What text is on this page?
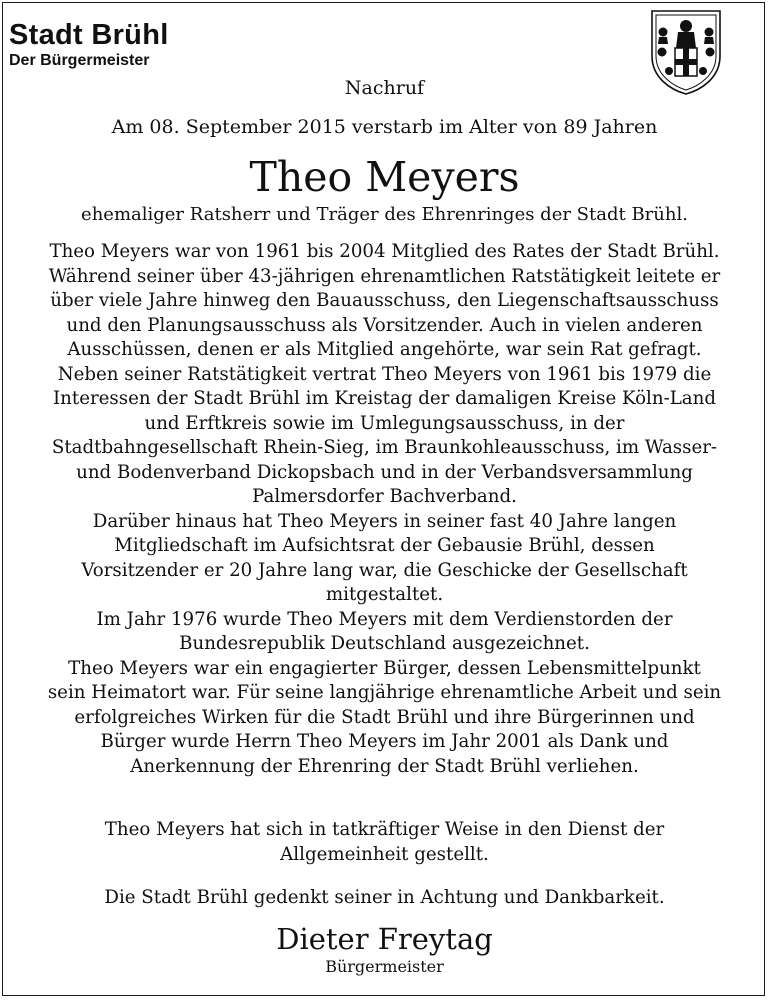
Stadt Brühl
Der Bürgermeister
Nachruf
Am 08. September 2015 verstarb im Alter von 89 Jahren
Theo Meyers
ehemaliger Ratsherr und Träger des Ehrenringes der Stadt Brühl.
Theo Meyers war von 1961 bis 2004 Mitglied des Rates der Stadt Brühl.
Während seiner über 43-jährigen ehrenamtlichen Ratstätigkeit leitete er
über viele Jahre hinweg den Bauausschuss, den Liegenschaftsausschuss
und den Planungsausschuss als Vorsitzender. Auch in vielen anderen
Ausschüssen, denen er als Mitglied angehörte, war sein Rat gefragt.
Neben seiner Ratstätigkeit vertrat Theo Meyers von 1961 bis 1979 die
Interessen der Stadt Brühl im Kreistag der damaligen Kreise Köln-Land
und Erftkreis sowie im Umlegungsausschuss, in der
Stadtbahngesellschaft Rhein-Sieg, im Braunkohleausschuss, im Wasser-
und Bodenverband Dickopsbach und in der Verbandsversammlung
Palmersdorfer Bachverband.
Darüber hinaus hat Theo Meyers in seiner fast 40 Jahre langen
Mitgliedschaft im Aufsichtsrat der Gebausie Brühl, dessen
Vorsitzender er 20 Jahre lang war, die Geschicke der Gesellschaft
mitgestaltet.
Im Jahr 1976 wurde Theo Meyers mit dem Verdienstorden der
Bundesrepublik Deutschland ausgezeichnet.
Theo Meyers war ein engagierter Bürger, dessen Lebensmittelpunkt
sein Heimatort war. Für seine langjährige ehrenamtliche Arbeit und sein
erfolgreiches Wirken für die Stadt Brühl und ihre Bürgerinnen und
Bürger wurde Herrn Theo Meyers im Jahr 2001 als Dank und
Anerkennung der Ehrenring der Stadt Brühl verliehen.
Theo Meyers hat sich in tatkräftiger Weise in den Dienst der
Allgemeinheit gestellt.
Die Stadt Brühl gedenkt seiner in Achtung und Dankbarkeit.
Dieter Freytag
Bürgermeister
